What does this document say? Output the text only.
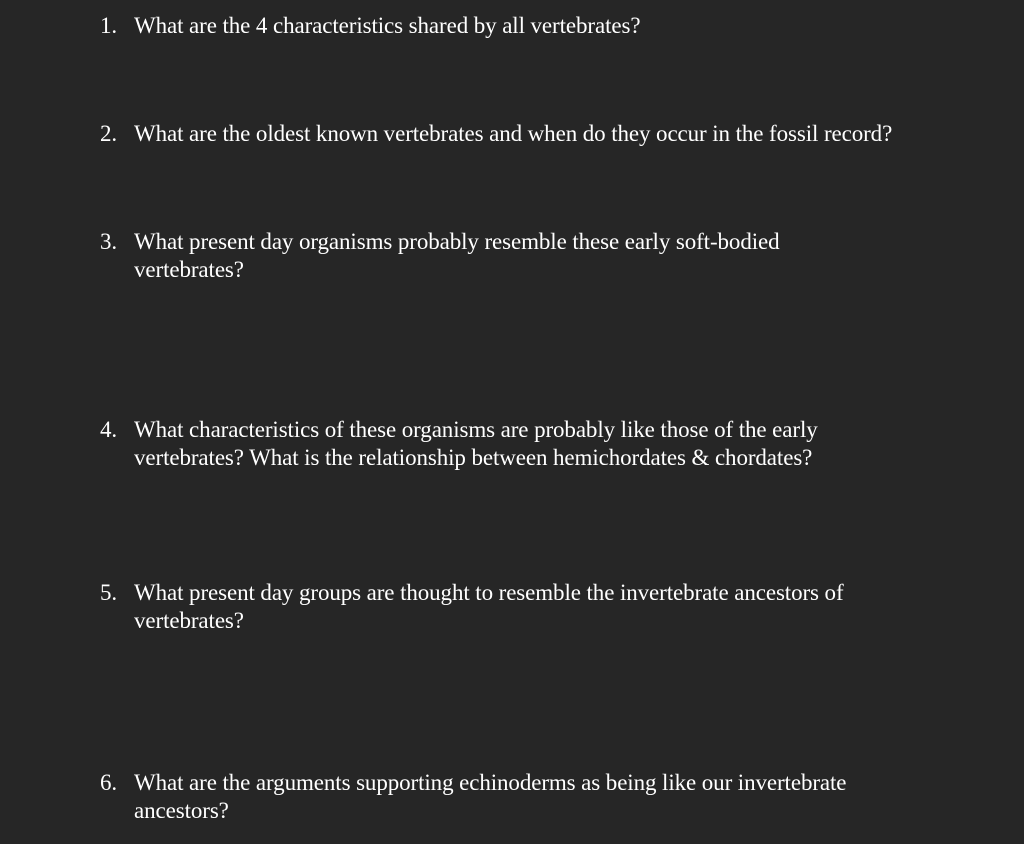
1. What are the 4 characteristics shared by all vertebrates?
2. What are the oldest known vertebrates and when do they occur in the fossil record?
3. What present day organisms probably resemble these early soft-bodied
vertebrates?
4. What characteristics of these organisms are probably like those of the early
vertebrates? What is the relationship between hemichordates & chordates?
5. What present day groups are thought to resemble the invertebrate ancestors of
vertebrates?
6. What are the arguments supporting echinoderms as being like our invertebrate
ancestors?
